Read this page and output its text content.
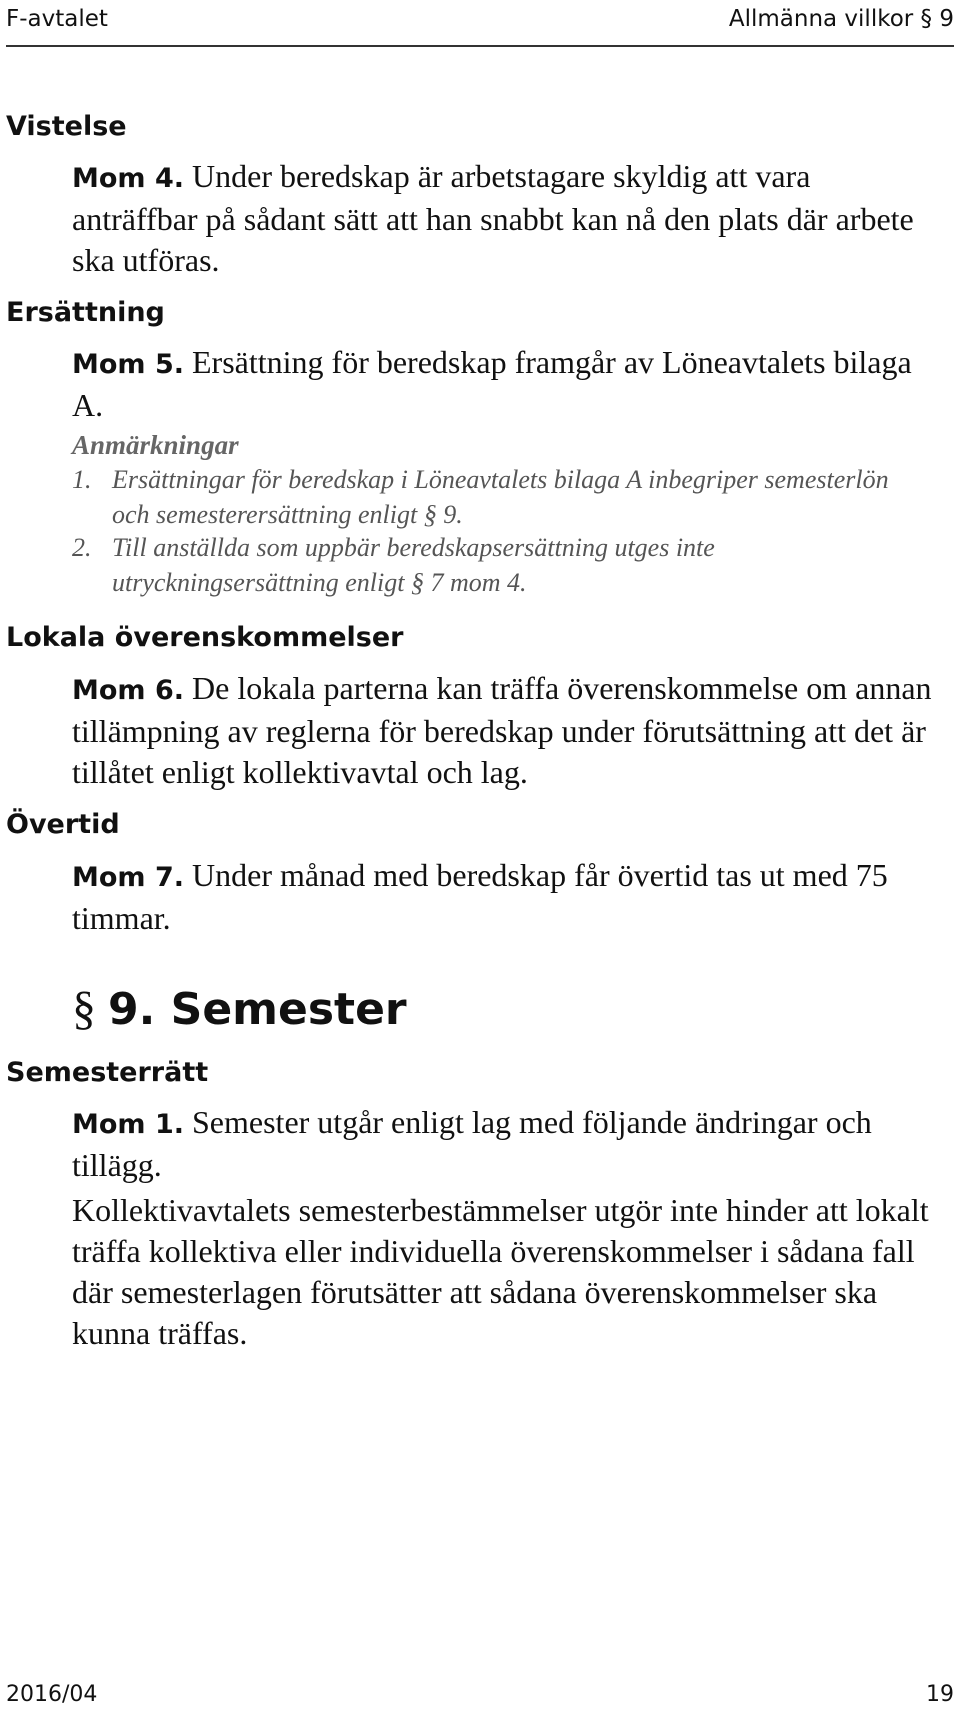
F-avtalet	Allmänna villkor § 9
Vistelse

Mom 4. Under beredskap är arbetstagare skyldig att vara anträffbar på sådant sätt att han snabbt kan nå den plats där arbete ska utföras.

Ersättning

Mom 5. Ersättning för beredskap framgår av Löneavtalets bilaga A.

Anmärkningar
1. Ersättningar för beredskap i Löneavtalets bilaga A inbegriper semesterlön och semesterersättning enligt § 9.
2. Till anställda som uppbär beredskapsersättning utges inte utryckningsersättning enligt § 7 mom 4.
Lokala överenskommelser

Mom 6. De lokala parterna kan träffa överenskommelse om annan tillämpning av reglerna för beredskap under förutsättning att det är tillåtet enligt kollektivavtal och lag.

Övertid

Mom 7. Under månad med beredskap får övertid tas ut med 75 timmar.

§ 9. Semester
Semesterrätt

Mom 1. Semester utgår enligt lag med följande ändringar och tillägg.

Kollektivavtalets semesterbestämmelser utgör inte hinder att lokalt träffa kollektiva eller individuella överenskommelser i sådana fall där semesterlagen förutsätter att sådana överenskommelser ska kunna träffas.

2016/04	19
